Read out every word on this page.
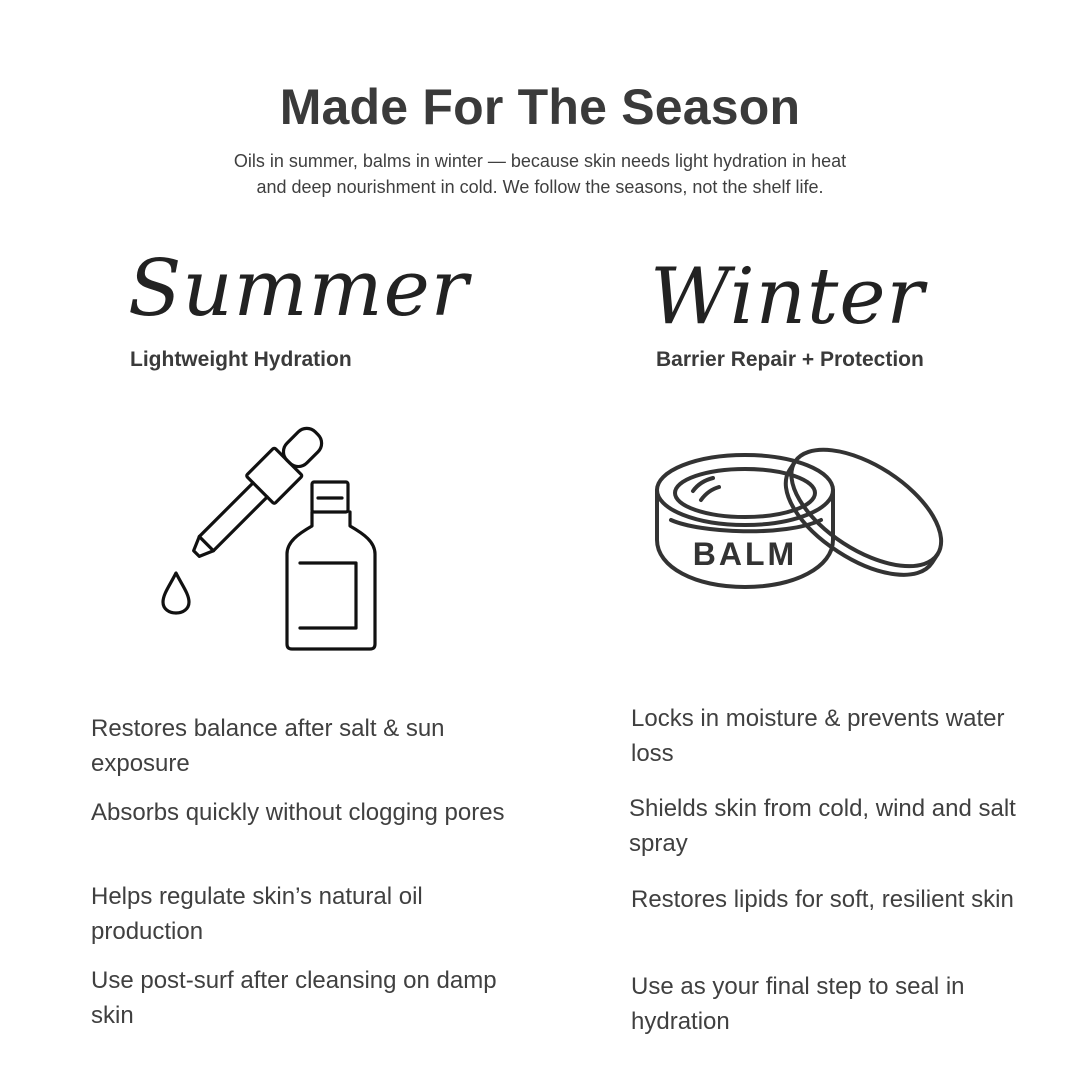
Made For The Season

Oils in summer, balms in winter — because skin needs light hydration in heat
and deep nourishment in cold. We follow the seasons, not the shelf life.

Summer
Lightweight Hydration

Restores balance after salt & sun exposure

Absorbs quickly without clogging pores

Helps regulate skin’s natural oil production

Use post-surf after cleansing on damp skin

Winter
Barrier Repair + Protection
BALM

Locks in moisture & prevents water loss

Shields skin from cold, wind and salt spray

Restores lipids for soft, resilient skin

Use as your final step to seal in hydration
